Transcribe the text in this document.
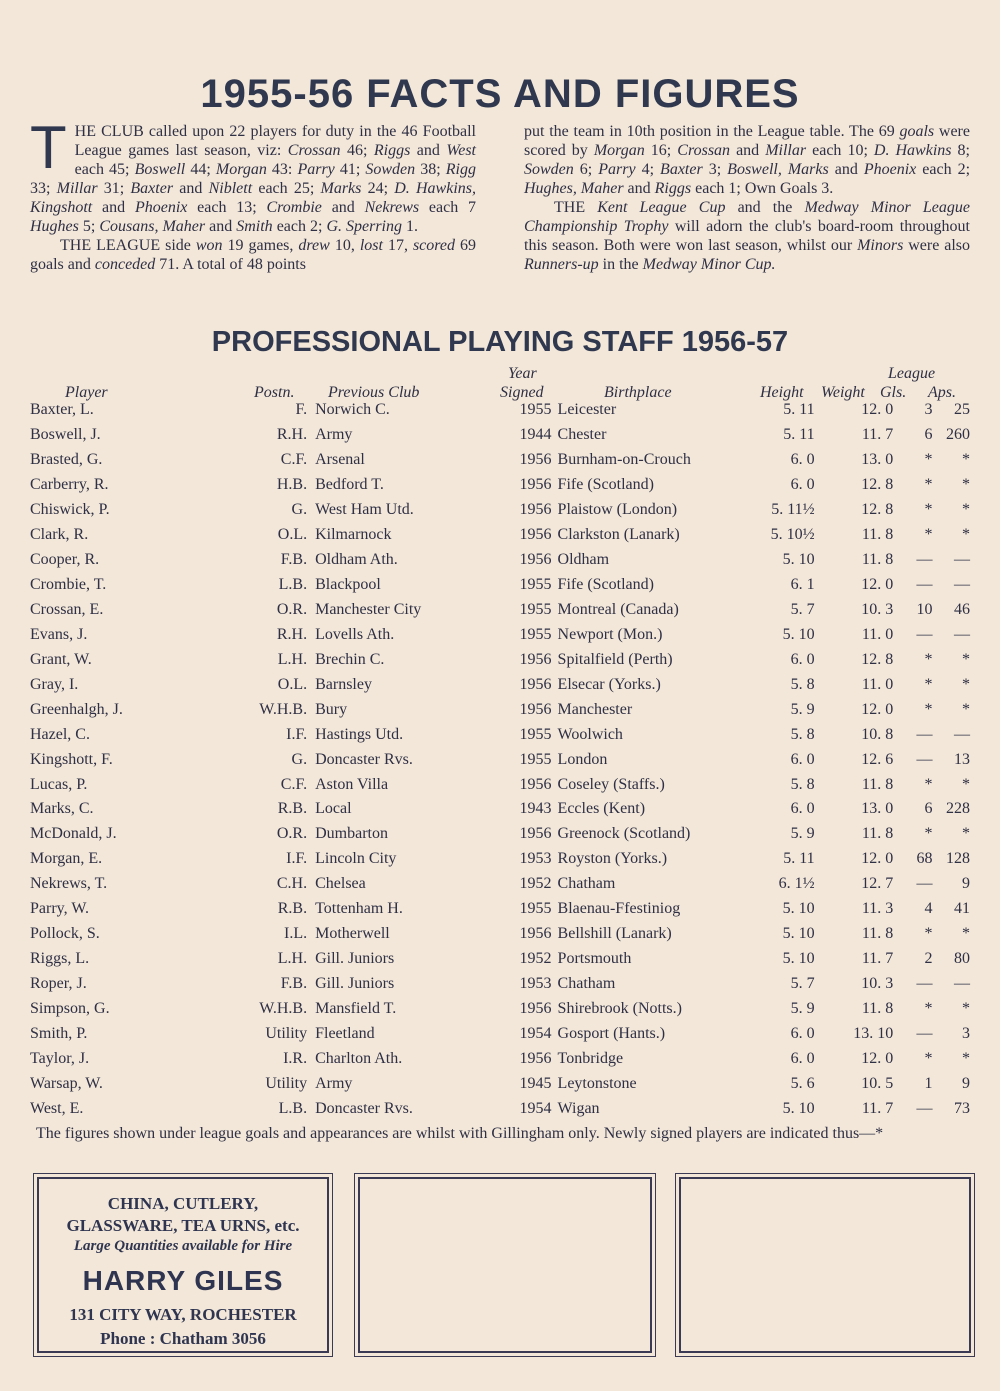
1955-56 FACTS AND FIGURES

THE CLUB called upon 22 players for duty in the 46 Football League games last season, viz: Crossan 46; Riggs and West each 45; Boswell 44; Morgan 43: Parry 41; Sowden 38; Rigg 33; Millar 31; Baxter and Niblett each 25; Marks 24; D. Hawkins, Kingshott and Phoenix each 13; Crombie and Nekrews each 7 Hughes 5; Cousans, Maher and Smith each 2; G. Sperring 1.

THE LEAGUE side won 19 games, drew 10, lost 17, scored 69 goals and conceded 71. A total of 48 points

put the team in 10th position in the League table. The 69 goals were scored by Morgan 16; Crossan and Millar each 10; D. Hawkins 8; Sowden 6; Parry 4; Baxter 3; Boswell, Marks and Phoenix each 2; Hughes, Maher and Riggs each 1; Own Goals 3.

THE Kent League Cup and the Medway Minor League Championship Trophy will adorn the club's board-room throughout this season. Both were won last season, whilst our Minors were also Runners-up in the Medway Minor Cup.

PROFESSIONAL PLAYING STAFF 1956-57
Player	Postn. Previous Club
Year
Signed	Birthplace	Height Weight
League
Gls. Aps.
Baxter, L.	F.	Norwich C.	1955	Leicester	5. 11	12. 0	3	25
Boswell, J.	R.H.	Army	1944	Chester	5. 11	11. 7	6	260
Brasted, G.	C.F.	Arsenal	1956	Burnham-on-Crouch	6. 0	13. 0	*	*
Carberry, R.	H.B.	Bedford T.	1956	Fife (Scotland)	6. 0	12. 8	*	*
Chiswick, P.	G.	West Ham Utd.	1956	Plaistow (London)	5. 11½	12. 8	*	*
Clark, R.	O.L.	Kilmarnock	1956	Clarkston (Lanark)	5. 10½	11. 8	*	*
Cooper, R.	F.B.	Oldham Ath.	1956	Oldham	5. 10	11. 8	—	—
Crombie, T.	L.B.	Blackpool	1955	Fife (Scotland)	6. 1	12. 0	—	—
Crossan, E.	O.R.	Manchester City	1955	Montreal (Canada)	5. 7	10. 3	10	46
Evans, J.	R.H.	Lovells Ath.	1955	Newport (Mon.)	5. 10	11. 0	—	—
Grant, W.	L.H.	Brechin C.	1956	Spitalfield (Perth)	6. 0	12. 8	*	*
Gray, I.	O.L.	Barnsley	1956	Elsecar (Yorks.)	5. 8	11. 0	*	*
Greenhalgh, J.	W.H.B.	Bury	1956	Manchester	5. 9	12. 0	*	*
Hazel, C.	I.F.	Hastings Utd.	1955	Woolwich	5. 8	10. 8	—	—
Kingshott, F.	G.	Doncaster Rvs.	1955	London	6. 0	12. 6	—	13
Lucas, P.	C.F.	Aston Villa	1956	Coseley (Staffs.)	5. 8	11. 8	*	*
Marks, C.	R.B.	Local	1943	Eccles (Kent)	6. 0	13. 0	6	228
McDonald, J.	O.R.	Dumbarton	1956	Greenock (Scotland)	5. 9	11. 8	*	*
Morgan, E.	I.F.	Lincoln City	1953	Royston (Yorks.)	5. 11	12. 0	68	128
Nekrews, T.	C.H.	Chelsea	1952	Chatham	6. 1½	12. 7	—	9
Parry, W.	R.B.	Tottenham H.	1955	Blaenau-Ffestiniog	5. 10	11. 3	4	41
Pollock, S.	I.L.	Motherwell	1956	Bellshill (Lanark)	5. 10	11. 8	*	*
Riggs, L.	L.H.	Gill. Juniors	1952	Portsmouth	5. 10	11. 7	2	80
Roper, J.	F.B.	Gill. Juniors	1953	Chatham	5. 7	10. 3	—	—
Simpson, G.	W.H.B.	Mansfield T.	1956	Shirebrook (Notts.)	5. 9	11. 8	*	*
Smith, P.	Utility	Fleetland	1954	Gosport (Hants.)	6. 0	13. 10	—	3
Taylor, J.	I.R.	Charlton Ath.	1956	Tonbridge	6. 0	12. 0	*	*
Warsap, W.	Utility	Army	1945	Leytonstone	5. 6	10. 5	1	9
West, E.	L.B.	Doncaster Rvs.	1954	Wigan	5. 10	11. 7	—	73
The figures shown under league goals and appearances are whilst with Gillingham only. Newly signed players are indicated thus—*
CHINA, CUTLERY,
GLASSWARE, TEA URNS, etc.
Large Quantities available for Hire
HARRY GILES
131 CITY WAY, ROCHESTER
Phone : Chatham 3056
